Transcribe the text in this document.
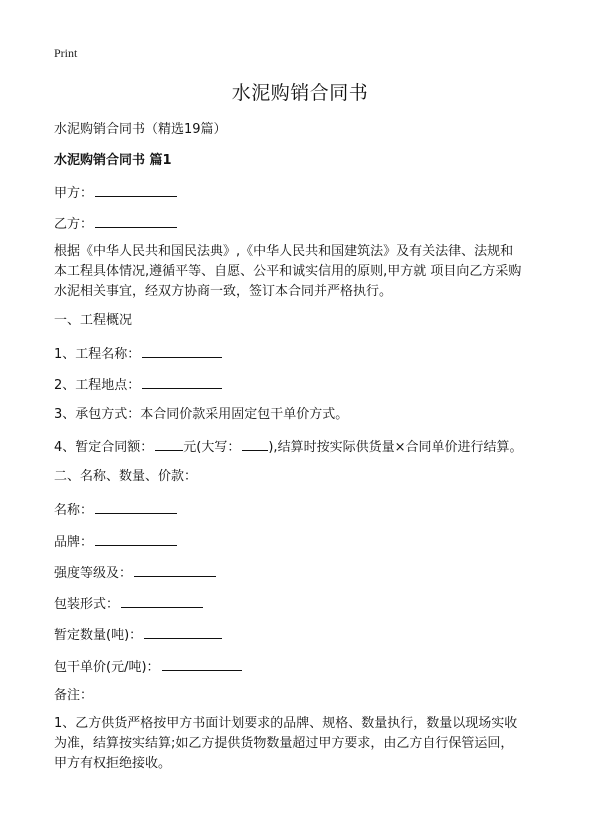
Print
水泥购销合同书
水泥购销合同书（精选19篇）
水泥购销合同书 篇1
甲方：
乙方：
根据《中华人民共和国民法典》,《中华人民共和国建筑法》及有关法律、法规和
本工程具体情况,遵循平等、自愿、公平和诚实信用的原则,甲方就 项目向乙方采购
水泥相关事宜，经双方协商一致，签订本合同并严格执行。
一、工程概况
1、工程名称：
2、工程地点：
3、承包方式：本合同价款采用固定包干单价方式。
4、暂定合同额： 元(大写： ),结算时按实际供货量×合同单价进行结算。
二、名称、数量、价款：
名称：
品牌：
强度等级及：
包装形式：
暂定数量(吨)：
包干单价(元/吨)：
备注：
1、乙方供货严格按甲方书面计划要求的品牌、规格、数量执行，数量以现场实收
为准，结算按实结算;如乙方提供货物数量超过甲方要求，由乙方自行保管运回，
甲方有权拒绝接收。
